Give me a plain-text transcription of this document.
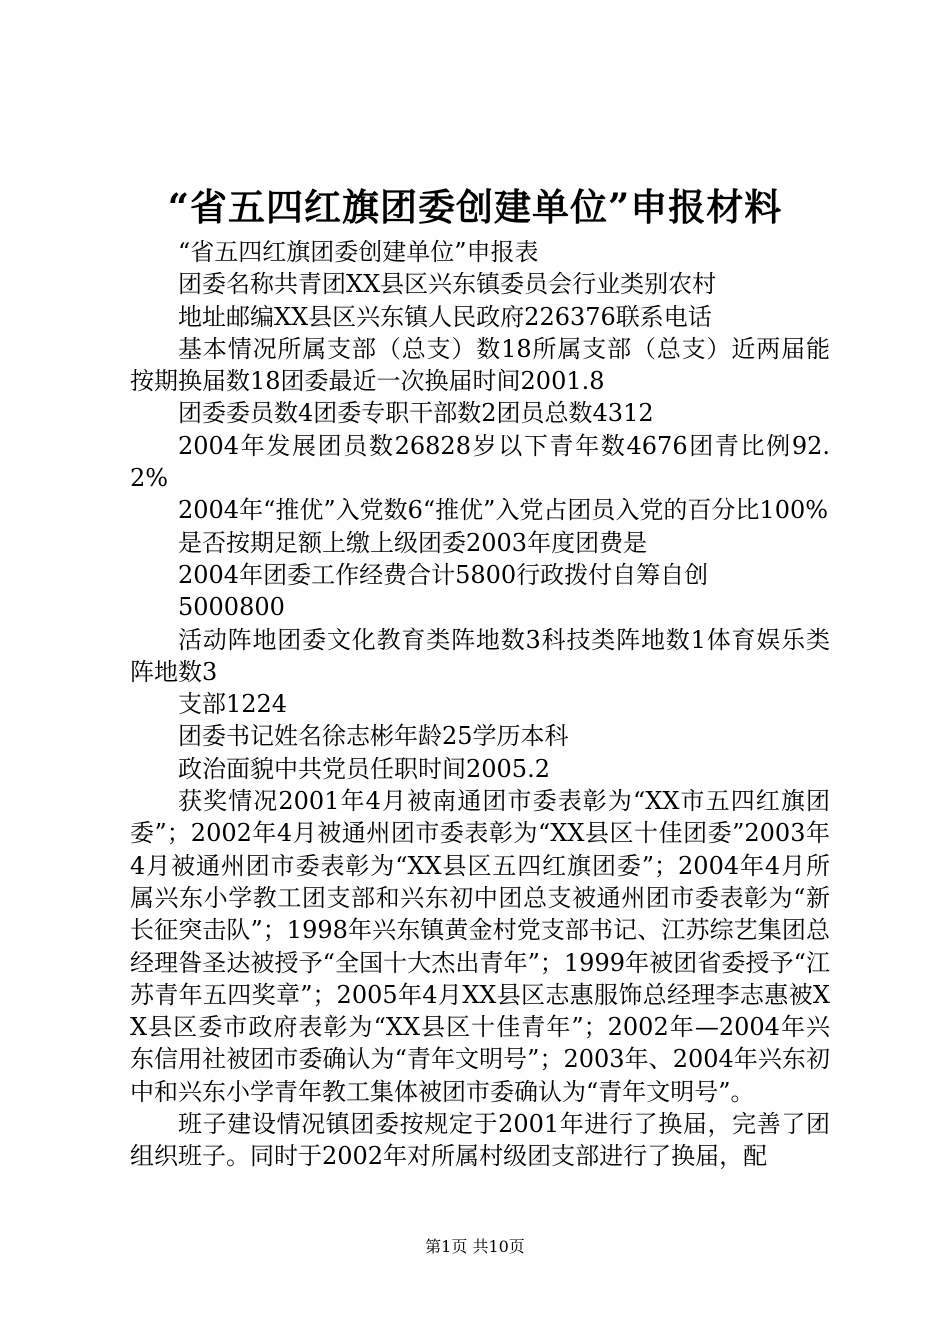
“省五四红旗团委创建单位”申报材料

“省五四红旗团委创建单位”申报表

团委名称共青团XX县区兴东镇委员会行业类别农村

地址邮编XX县区兴东镇人民政府226376联系电话

基本情况所属支部（总支）数18所属支部（总支）近两届能按期换届数18团委最近一次换届时间2001.8

团委委员数4团委专职干部数2团员总数4312

2004年发展团员数26828岁以下青年数4676团青比例92.2%

2004年“推优”入党数6“推优”入党占团员入党的百分比100%

是否按期足额上缴上级团委2003年度团费是

2004年团委工作经费合计5800行政拨付自筹自创

5000800

活动阵地团委文化教育类阵地数3科技类阵地数1体育娱乐类阵地数3

支部1224

团委书记姓名徐志彬年龄25学历本科

政治面貌中共党员任职时间2005.2

获奖情况2001年4月被南通团市委表彰为“XX市五四红旗团委”；2002年4月被通州团市委表彰为“XX县区十佳团委”2003年4月被通州团市委表彰为“XX县区五四红旗团委”；2004年4月所属兴东小学教工团支部和兴东初中团总支被通州团市委表彰为“新长征突击队”；1998年兴东镇黄金村党支部书记、江苏综艺集团总经理昝圣达被授予“全国十大杰出青年”；1999年被团省委授予“江苏青年五四奖章”；2005年4月XX县区志惠服饰总经理李志惠被XX县区委市政府表彰为“XX县区十佳青年”；2002年—2004年兴东信用社被团市委确认为“青年文明号”；2003年、2004年兴东初中和兴东小学青年教工集体被团市委确认为“青年文明号”。

班子建设情况镇团委按规定于2001年进行了换届，完善了团组织班子。同时于2002年对所属村级团支部进行了换届，配

第1页 共10页
